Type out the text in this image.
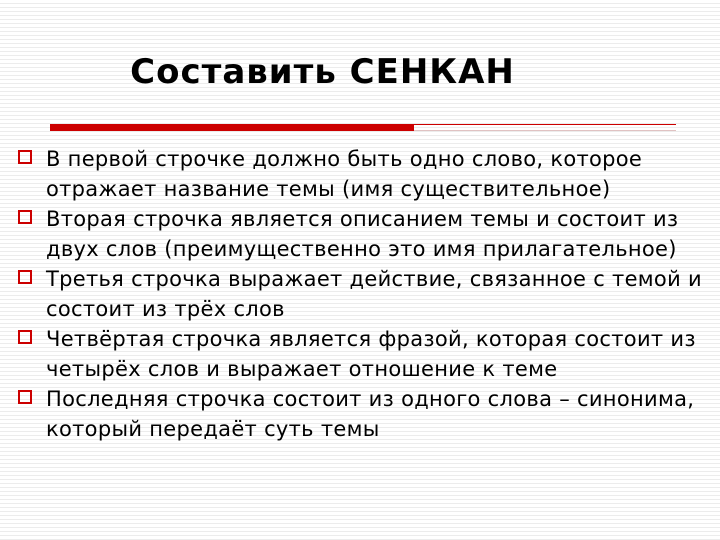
Составить СЕНКАН
В первой строчке должно быть одно слово, которое отражает название темы (имя существительное)
Вторая строчка является описанием темы и состоит из двух слов (преимущественно это имя прилагательное)
Третья строчка выражает действие, связанное с темой и состоит из трёх слов
Четвёртая строчка является фразой, которая состоит из четырёх слов и выражает отношение к теме
Последняя строчка состоит из одного слова – синонима, который передаёт суть темы
